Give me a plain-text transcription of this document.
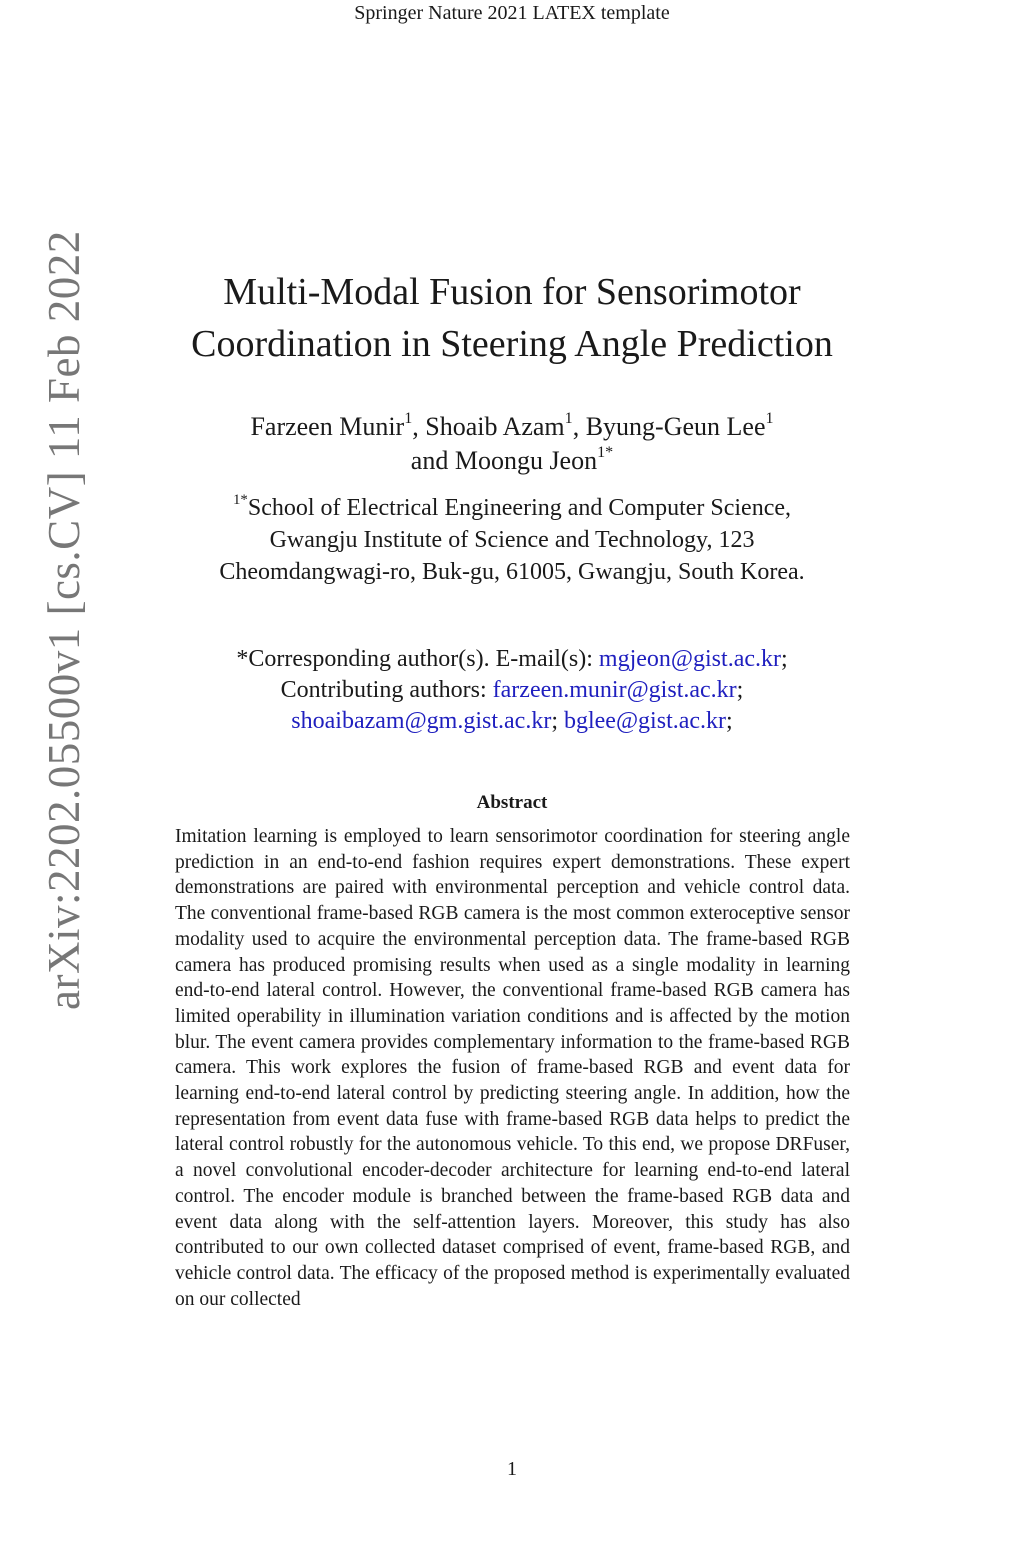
Springer Nature 2021 LATEX template
arXiv:2202.05500v1 [cs.CV] 11 Feb 2022	Multi-Modal Fusion for Sensorimotor
Coordination in Steering Angle Prediction
Farzeen Munir$^1$, Shoaib Azam$^1$, Byung-Geun Lee$^1$
and Moongu Jeon$^{1*}$
$^{1*}$School of Electrical Engineering and Computer Science,
Gwangju Institute of Science and Technology, 123
Cheomdangwagi-ro, Buk-gu, 61005, Gwangju, South Korea.
*Corresponding author(s). E-mail(s): mgjeon@gist.ac.kr;
Contributing authors: farzeen.munir@gist.ac.kr;
shoaibazam@gm.gist.ac.kr; bglee@gist.ac.kr;
Abstract

Imitation learning is employed to learn sensorimotor coordination for steering angle prediction in an end-to-end fashion requires expert demonstrations. These expert demonstrations are paired with environmental perception and vehicle control data. The conventional frame-based RGB camera is the most common exteroceptive sensor modality used to acquire the environmental perception data. The frame-based RGB camera has produced promising results when used as a single modality in learning end-to-end lateral control. However, the conventional frame-based RGB camera has limited operability in illumination variation conditions and is affected by the motion blur. The event camera provides complementary information to the frame-based RGB camera. This work explores the fusion of frame-based RGB and event data for learning end-to-end lateral control by predicting steering angle. In addition, how the representation from event data fuse with frame-based RGB data helps to predict the lateral control robustly for the autonomous vehicle. To this end, we propose DRFuser, a novel convolutional encoder-decoder architecture for learning end-to-end lateral control. The encoder module is branched between the frame-based RGB data and event data along with the self-attention layers. Moreover, this study has also contributed to our own collected dataset comprised of event, frame-based RGB, and vehicle control data. The efficacy of the proposed method is experimentally evaluated on our collected

1
